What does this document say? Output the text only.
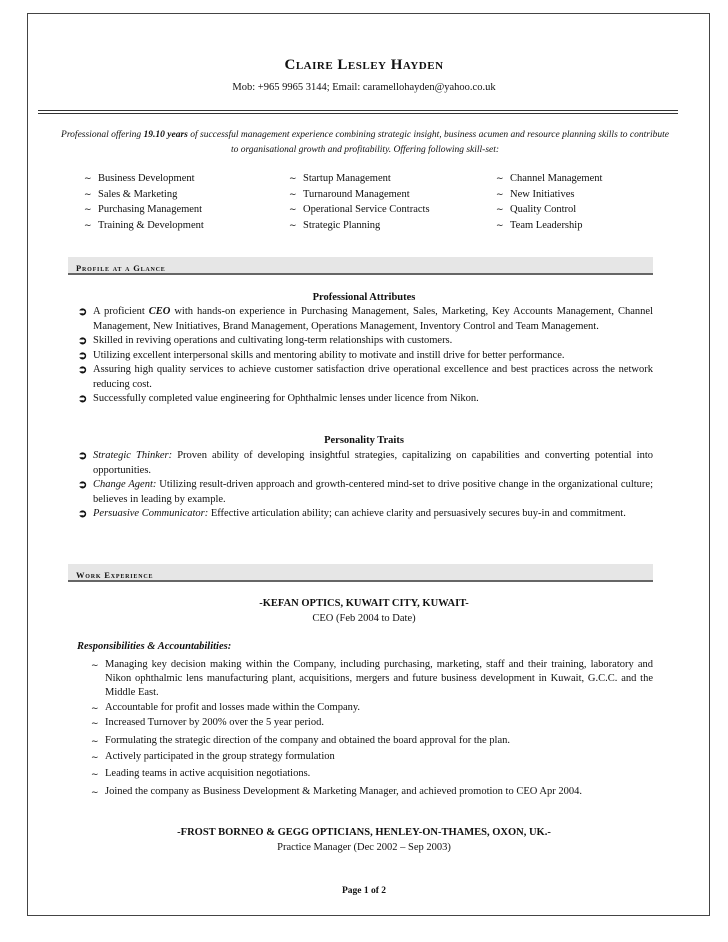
Claire Lesley Hayden
Mob: +965 9965 3144; Email: caramellohayden@yahoo.co.uk
Professional offering 19.10 years of successful management experience combining strategic insight, business acumen and resource planning skills to contribute to organisational growth and profitability. Offering following skill-set:
∼ Business Development
∼ Sales & Marketing
∼ Purchasing Management
∼ Training & Development
∼ Startup Management
∼ Turnaround Management
∼ Operational Service Contracts
∼ Strategic Planning
∼ Channel Management
∼ New Initiatives
∼ Quality Control
∼ Team Leadership
Profile at a Glance
Professional Attributes
➲ A proficient CEO with hands-on experience in Purchasing Management, Sales, Marketing, Key Accounts Management, Channel Management, New Initiatives, Brand Management, Operations Management, Inventory Control and Team Management.
➲ Skilled in reviving operations and cultivating long-term relationships with customers.
➲ Utilizing excellent interpersonal skills and mentoring ability to motivate and instill drive for better performance.
➲ Assuring high quality services to achieve customer satisfaction drive operational excellence and best practices across the network reducing cost.
➲ Successfully completed value engineering for Ophthalmic lenses under licence from Nikon.
Personality Traits
➲ Strategic Thinker: Proven ability of developing insightful strategies, capitalizing on capabilities and converting potential into opportunities.
➲ Change Agent: Utilizing result-driven approach and growth-centered mind-set to drive positive change in the organizational culture; believes in leading by example.
➲ Persuasive Communicator: Effective articulation ability; can achieve clarity and persuasively secures buy-in and commitment.
Work Experience
-KEFAN OPTICS, KUWAIT CITY, KUWAIT-
CEO (Feb 2004 to Date)
Responsibilities & Accountabilities:
∼ Managing key decision making within the Company, including purchasing, marketing, staff and their training, laboratory and Nikon ophthalmic lens manufacturing plant, acquisitions, mergers and future business development in Kuwait, G.C.C. and the Middle East.
∼ Accountable for profit and losses made within the Company.
∼ Increased Turnover by 200% over the 5 year period.
∼ Formulating the strategic direction of the company and obtained the board approval for the plan.
∼ Actively participated in the group strategy formulation
∼ Leading teams in active acquisition negotiations.
∼ Joined the company as Business Development & Marketing Manager, and achieved promotion to CEO Apr 2004.
-FROST BORNEO & GEGG OPTICIANS, HENLEY-ON-THAMES, OXON, UK.-
Practice Manager (Dec 2002 – Sep 2003)
Page 1 of 2
